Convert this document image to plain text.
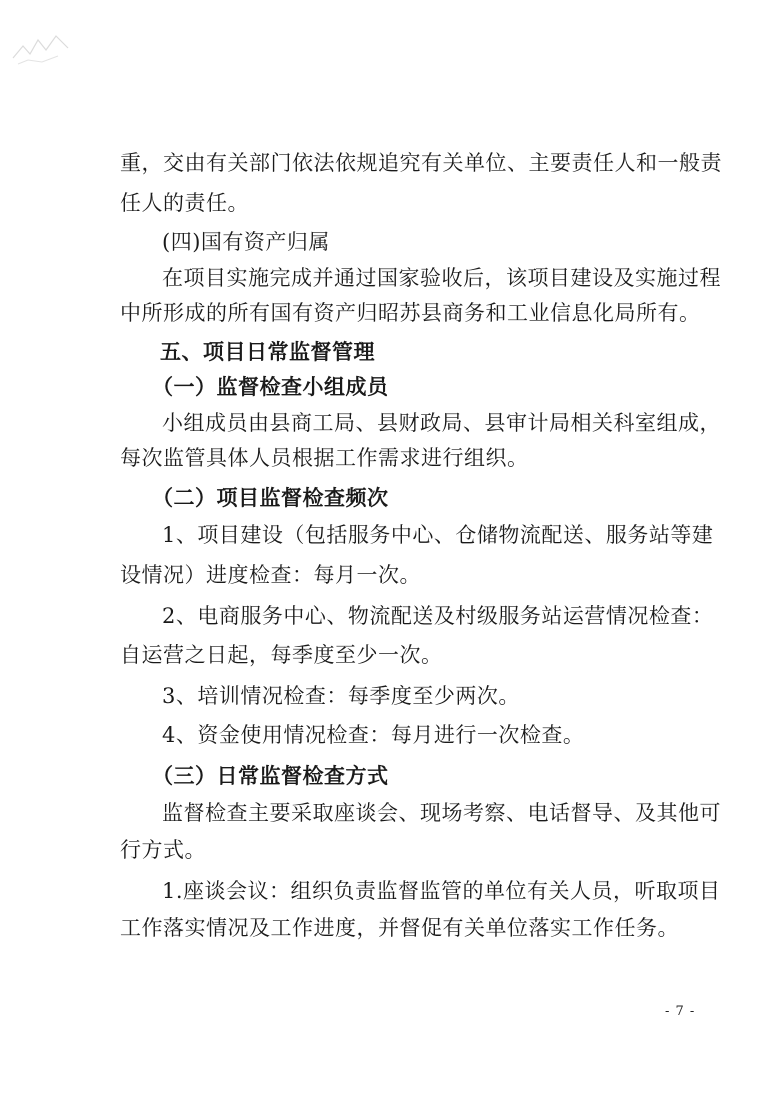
重，交由有关部门依法依规追究有关单位、主要责任人和一般责
任人的责任。
(四)国有资产归属
在项目实施完成并通过国家验收后，该项目建设及实施过程
中所形成的所有国有资产归昭苏县商务和工业信息化局所有。
五、项目日常监督管理
（一）监督检查小组成员
小组成员由县商工局、县财政局、县审计局相关科室组成，
每次监管具体人员根据工作需求进行组织。
（二）项目监督检查频次
1、项目建设（包括服务中心、仓储物流配送、服务站等建
设情况）进度检查：每月一次。
2、电商服务中心、物流配送及村级服务站运营情况检查：
自运营之日起，每季度至少一次。
3、培训情况检查：每季度至少两次。
4、资金使用情况检查：每月进行一次检查。
（三）日常监督检查方式
监督检查主要采取座谈会、现场考察、电话督导、及其他可
行方式。
1.座谈会议：组织负责监督监管的单位有关人员，听取项目
工作落实情况及工作进度，并督促有关单位落实工作任务。
- 7 -
